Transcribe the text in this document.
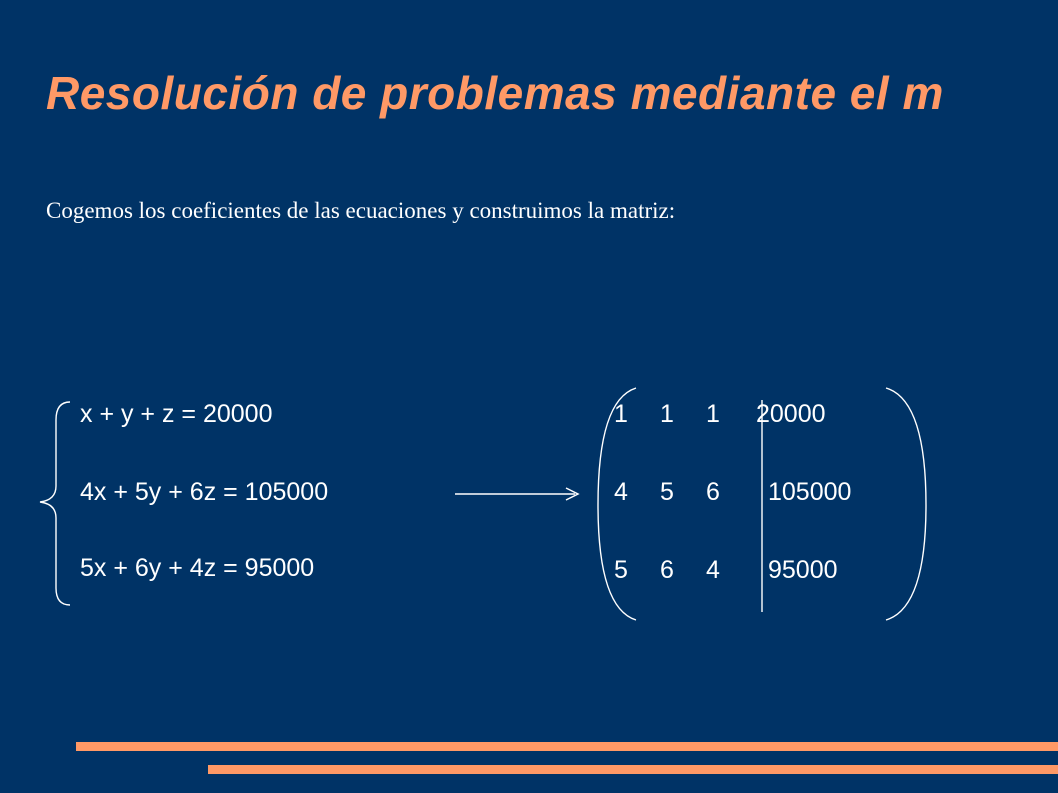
Resolución de problemas mediante el m
Cogemos los coeficientes de las ecuaciones y construimos la matriz:
x + y + z = 20000
4x + 5y + 6z = 105000
5x + 6y + 4z = 95000
1 1 1 20000
4 5 6 105000
5 6 4 95000
